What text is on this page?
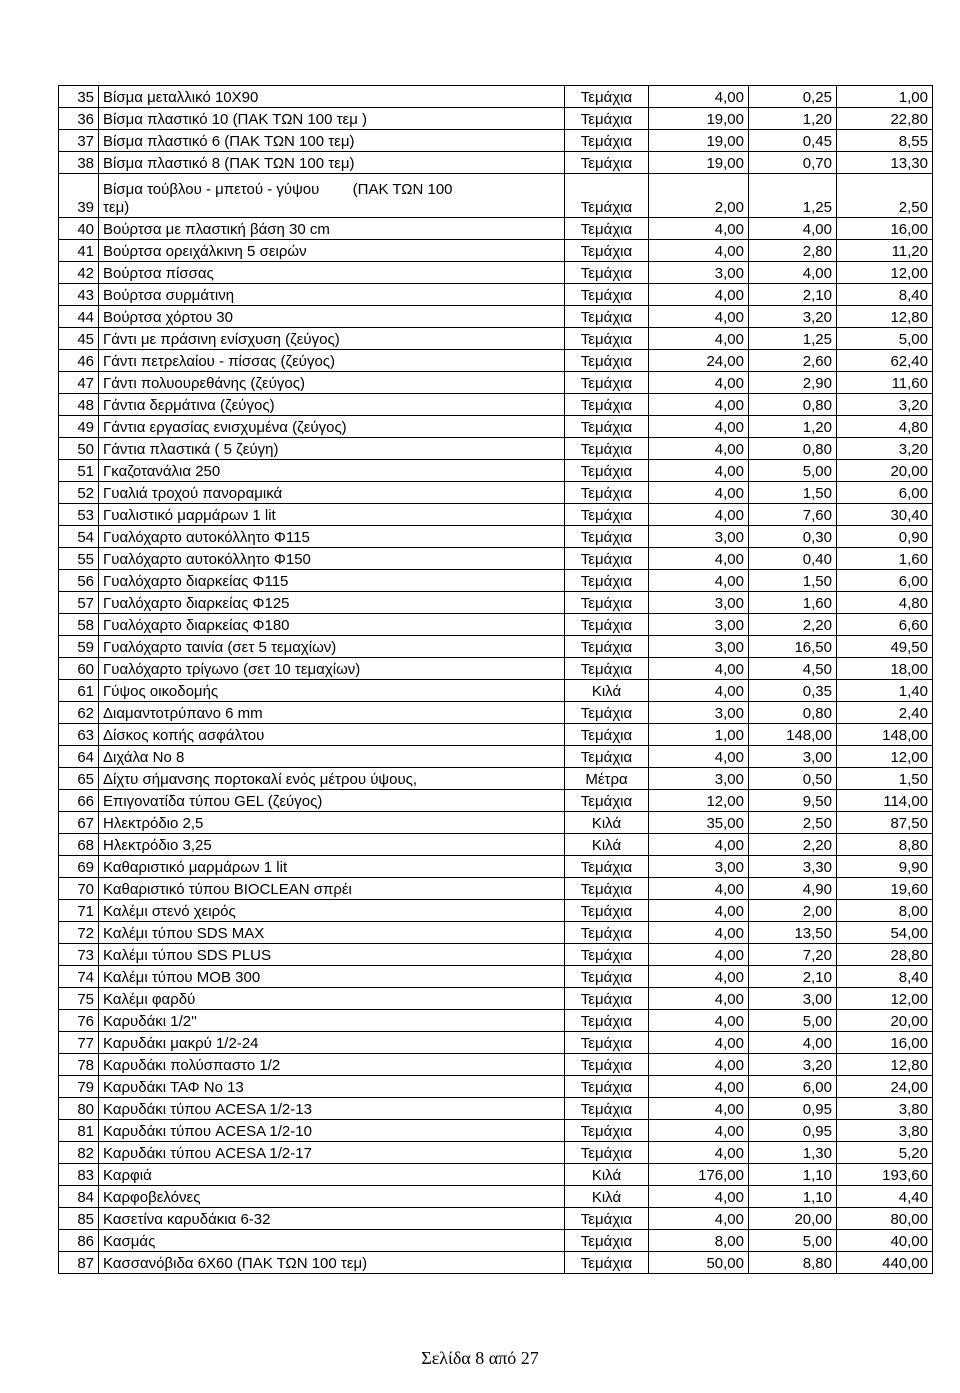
35	Βίσμα μεταλλικό 10Χ90	Τεμάχια	4,00	0,25	1,00
36	Βίσμα πλαστικό 10 (ΠΑΚ ΤΩΝ 100 τεμ )	Τεμάχια	19,00	1,20	22,80
37	Βίσμα πλαστικό 6 (ΠΑΚ ΤΩΝ 100 τεμ)	Τεμάχια	19,00	0,45	8,55
38	Βίσμα πλαστικό 8 (ΠΑΚ ΤΩΝ 100 τεμ)	Τεμάχια	19,00	0,70	13,30
39	Βίσμα τούβλου - μπετού - γύψου        (ΠΑΚ ΤΩΝ 100
τεμ)	Τεμάχια	2,00	1,25	2,50
40	Βούρτσα με πλαστική βάση 30 cm	Τεμάχια	4,00	4,00	16,00
41	Βούρτσα ορειχάλκινη 5 σειρών	Τεμάχια	4,00	2,80	11,20
42	Βούρτσα πίσσας	Τεμάχια	3,00	4,00	12,00
43	Βούρτσα συρμάτινη	Τεμάχια	4,00	2,10	8,40
44	Βούρτσα χόρτου 30	Τεμάχια	4,00	3,20	12,80
45	Γάντι με πράσινη ενίσχυση (ζεύγος)	Τεμάχια	4,00	1,25	5,00
46	Γάντι πετρελαίου - πίσσας (ζεύγος)	Τεμάχια	24,00	2,60	62,40
47	Γάντι πολυουρεθάνης (ζεύγος)	Τεμάχια	4,00	2,90	11,60
48	Γάντια δερμάτινα (ζεύγος)	Τεμάχια	4,00	0,80	3,20
49	Γάντια εργασίας ενισχυμένα (ζεύγος)	Τεμάχια	4,00	1,20	4,80
50	Γάντια πλαστικά ( 5 ζεύγη)	Τεμάχια	4,00	0,80	3,20
51	Γκαζοτανάλια 250	Τεμάχια	4,00	5,00	20,00
52	Γυαλιά τροχού πανοραμικά	Τεμάχια	4,00	1,50	6,00
53	Γυαλιστικό μαρμάρων 1 lit	Τεμάχια	4,00	7,60	30,40
54	Γυαλόχαρτο αυτοκόλλητο Φ115	Τεμάχια	3,00	0,30	0,90
55	Γυαλόχαρτο αυτοκόλλητο Φ150	Τεμάχια	4,00	0,40	1,60
56	Γυαλόχαρτο διαρκείας Φ115	Τεμάχια	4,00	1,50	6,00
57	Γυαλόχαρτο διαρκείας Φ125	Τεμάχια	3,00	1,60	4,80
58	Γυαλόχαρτο διαρκείας Φ180	Τεμάχια	3,00	2,20	6,60
59	Γυαλόχαρτο ταινία (σετ 5 τεμαχίων)	Τεμάχια	3,00	16,50	49,50
60	Γυαλόχαρτο τρίγωνο (σετ 10 τεμαχίων)	Τεμάχια	4,00	4,50	18,00
61	Γύψος οικοδομής	Κιλά	4,00	0,35	1,40
62	Διαμαντοτρύπανο 6 mm	Τεμάχια	3,00	0,80	2,40
63	Δίσκος κοπής ασφάλτου	Τεμάχια	1,00	148,00	148,00
64	Διχάλα Νο 8	Τεμάχια	4,00	3,00	12,00
65	Δίχτυ σήμανσης πορτοκαλί ενός μέτρου ύψους,	Μέτρα	3,00	0,50	1,50
66	Επιγονατίδα τύπου GEL (ζεύγος)	Τεμάχια	12,00	9,50	114,00
67	Ηλεκτρόδιο 2,5	Κιλά	35,00	2,50	87,50
68	Ηλεκτρόδιο 3,25	Κιλά	4,00	2,20	8,80
69	Καθαριστικό μαρμάρων 1 lit	Τεμάχια	3,00	3,30	9,90
70	Καθαριστικό τύπου BIOCLEAN σπρέι	Τεμάχια	4,00	4,90	19,60
71	Καλέμι στενό χειρός	Τεμάχια	4,00	2,00	8,00
72	Καλέμι τύπου SDS MAX	Τεμάχια	4,00	13,50	54,00
73	Καλέμι τύπου SDS PLUS	Τεμάχια	4,00	7,20	28,80
74	Καλέμι τύπου MOB 300	Τεμάχια	4,00	2,10	8,40
75	Καλέμι φαρδύ	Τεμάχια	4,00	3,00	12,00
76	Καρυδάκι 1/2''	Τεμάχια	4,00	5,00	20,00
77	Καρυδάκι μακρύ 1/2-24	Τεμάχια	4,00	4,00	16,00
78	Καρυδάκι πολύσπαστο 1/2	Τεμάχια	4,00	3,20	12,80
79	Καρυδάκι ΤΑΦ Νο 13	Τεμάχια	4,00	6,00	24,00
80	Καρυδάκι τύπου ACESA 1/2-13	Τεμάχια	4,00	0,95	3,80
81	Καρυδάκι τύπου ACESA 1/2-10	Τεμάχια	4,00	0,95	3,80
82	Καρυδάκι τύπου ACESA 1/2-17	Τεμάχια	4,00	1,30	5,20
83	Καρφιά	Κιλά	176,00	1,10	193,60
84	Καρφοβελόνες	Κιλά	4,00	1,10	4,40
85	Κασετίνα καρυδάκια 6-32	Τεμάχια	4,00	20,00	80,00
86	Κασμάς	Τεμάχια	8,00	5,00	40,00
87	Κασσανόβιδα 6Χ60 (ΠΑΚ ΤΩΝ 100 τεμ)	Τεμάχια	50,00	8,80	440,00
Σελίδα 8 από 27
